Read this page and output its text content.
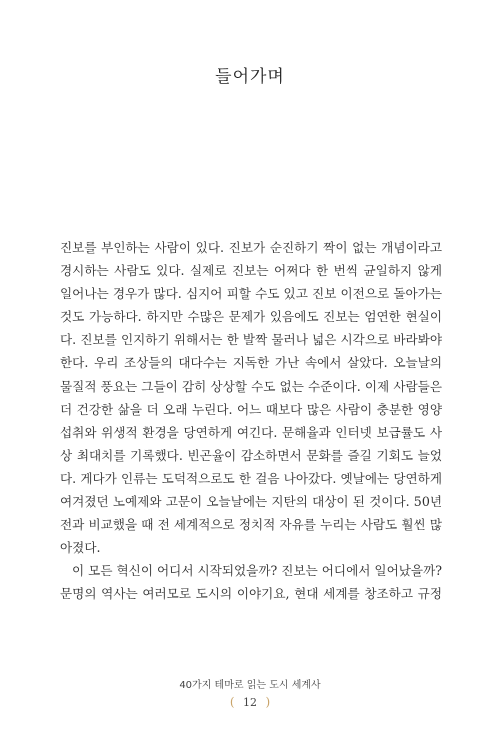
들어가며
진보를 부인하는 사람이 있다. 진보가 순진하기 짝이 없는 개념이라고
경시하는 사람도 있다. 실제로 진보는 어쩌다 한 번씩 균일하지 않게
일어나는 경우가 많다. 심지어 피할 수도 있고 진보 이전으로 돌아가는
것도 가능하다. 하지만 수많은 문제가 있음에도 진보는 엄연한 현실이
다. 진보를 인지하기 위해서는 한 발짝 물러나 넓은 시각으로 바라봐야
한다. 우리 조상들의 대다수는 지독한 가난 속에서 살았다. 오늘날의
물질적 풍요는 그들이 감히 상상할 수도 없는 수준이다. 이제 사람들은
더 건강한 삶을 더 오래 누린다. 어느 때보다 많은 사람이 충분한 영양
섭취와 위생적 환경을 당연하게 여긴다. 문해율과 인터넷 보급률도 사
상 최대치를 기록했다. 빈곤율이 감소하면서 문화를 즐길 기회도 늘었
다. 게다가 인류는 도덕적으로도 한 걸음 나아갔다. 옛날에는 당연하게
여겨졌던 노예제와 고문이 오늘날에는 지탄의 대상이 된 것이다. 50년
전과 비교했을 때 전 세계적으로 정치적 자유를 누리는 사람도 훨씬 많
아졌다.
이 모든 혁신이 어디서 시작되었을까? 진보는 어디에서 일어났을까?
문명의 역사는 여러모로 도시의 이야기요, 현대 세계를 창조하고 규정
40가지 테마로 읽는 도시 세계사
( 12 )
